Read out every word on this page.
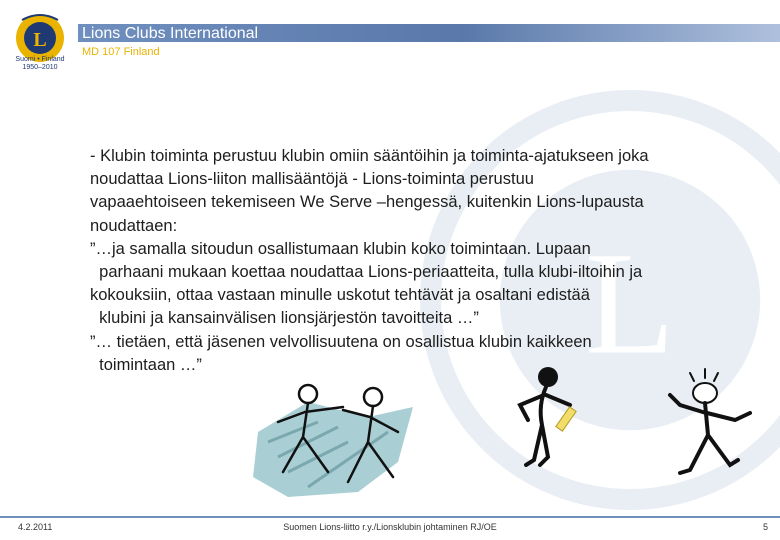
L
L
Suomi • Finland
1950–2010
Lions Clubs International
MD 107 Finland

- Klubin toiminta perustuu klubin omiin sääntöihin ja toiminta-ajatukseen joka

noudattaa Lions-liiton mallisääntöjä - Lions-toiminta perustuu

vapaaehtoiseen tekemiseen We Serve –hengessä, kuitenkin Lions-lupausta

noudattaen:

”…ja samalla sitoudun osallistumaan klubin koko toimintaan. Lupaan

parhaani mukaan koettaa noudattaa Lions-periaatteita, tulla klubi-iltoihin ja

kokouksiin, ottaa vastaan minulle uskotut tehtävät ja osaltani edistää

klubini ja kansainvälisen lionsjärjestön tavoitteita …”

”… tietäen, että jäsenen velvollisuutena on osallistua klubin kaikkeen

toimintaan …”

4.2.2011	Suomen Lions-liitto r.y./Lionsklubin johtaminen RJ/OE	5
